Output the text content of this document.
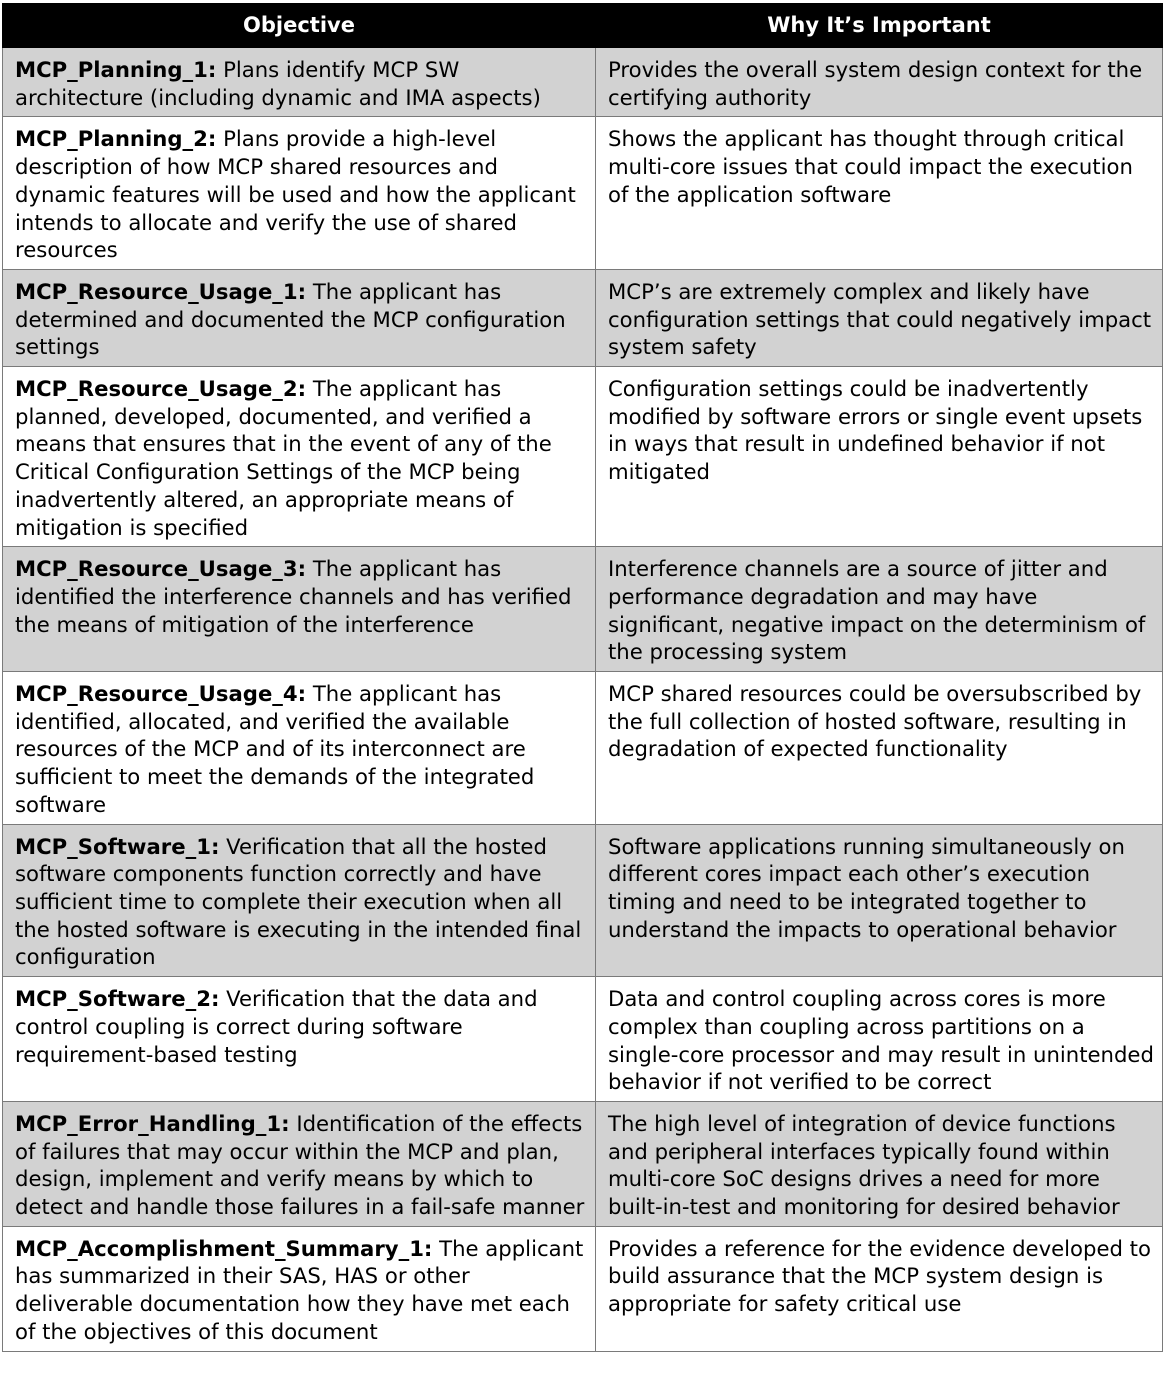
Objective	Why It’s Important
MCP_Planning_1: Plans identify MCP SW architecture (including dynamic and IMA aspects)	Provides the overall system design context for the certifying authority
MCP_Planning_2: Plans provide a high-level description of how MCP shared resources and dynamic features will be used and how the applicant intends to allocate and verify the use of shared resources	Shows the applicant has thought through critical multi-core issues that could impact the execution of the application software
MCP_Resource_Usage_1: The applicant has determined and documented the MCP configuration settings	MCP’s are extremely complex and likely have configuration settings that could negatively impact system safety
MCP_Resource_Usage_2: The applicant has planned, developed, documented, and verified a means that ensures that in the event of any of the Critical Configuration Settings of the MCP being inadvertently altered, an appropriate means of mitigation is specified	Configuration settings could be inadvertently modified by software errors or single event upsets in ways that result in undefined behavior if not mitigated
MCP_Resource_Usage_3: The applicant has identified the interference channels and has verified the means of mitigation of the interference	Interference channels are a source of jitter and performance degradation and may have significant, negative impact on the determinism of the processing system
MCP_Resource_Usage_4: The applicant has identified, allocated, and verified the available resources of the MCP and of its interconnect are sufficient to meet the demands of the integrated software	MCP shared resources could be oversubscribed by the full collection of hosted software, resulting in degradation of expected functionality
MCP_Software_1: Verification that all the hosted software components function correctly and have sufficient time to complete their execution when all the hosted software is executing in the intended final configuration	Software applications running simultaneously on different cores impact each other’s execution timing and need to be integrated together to understand the impacts to operational behavior
MCP_Software_2: Verification that the data and control coupling is correct during software requirement-based testing	Data and control coupling across cores is more complex than coupling across partitions on a single-core processor and may result in unintended behavior if not verified to be correct
MCP_Error_Handling_1: Identification of the effects of failures that may occur within the MCP and plan, design, implement and verify means by which to detect and handle those failures in a fail-safe manner	The high level of integration of device functions and peripheral interfaces typically found within multi-core SoC designs drives a need for more built-in-test and monitoring for desired behavior
MCP_Accomplishment_Summary_1: The applicant has summarized in their SAS, HAS or other deliverable documentation how they have met each of the objectives of this document	Provides a reference for the evidence developed to build assurance that the MCP system design is appropriate for safety critical use
